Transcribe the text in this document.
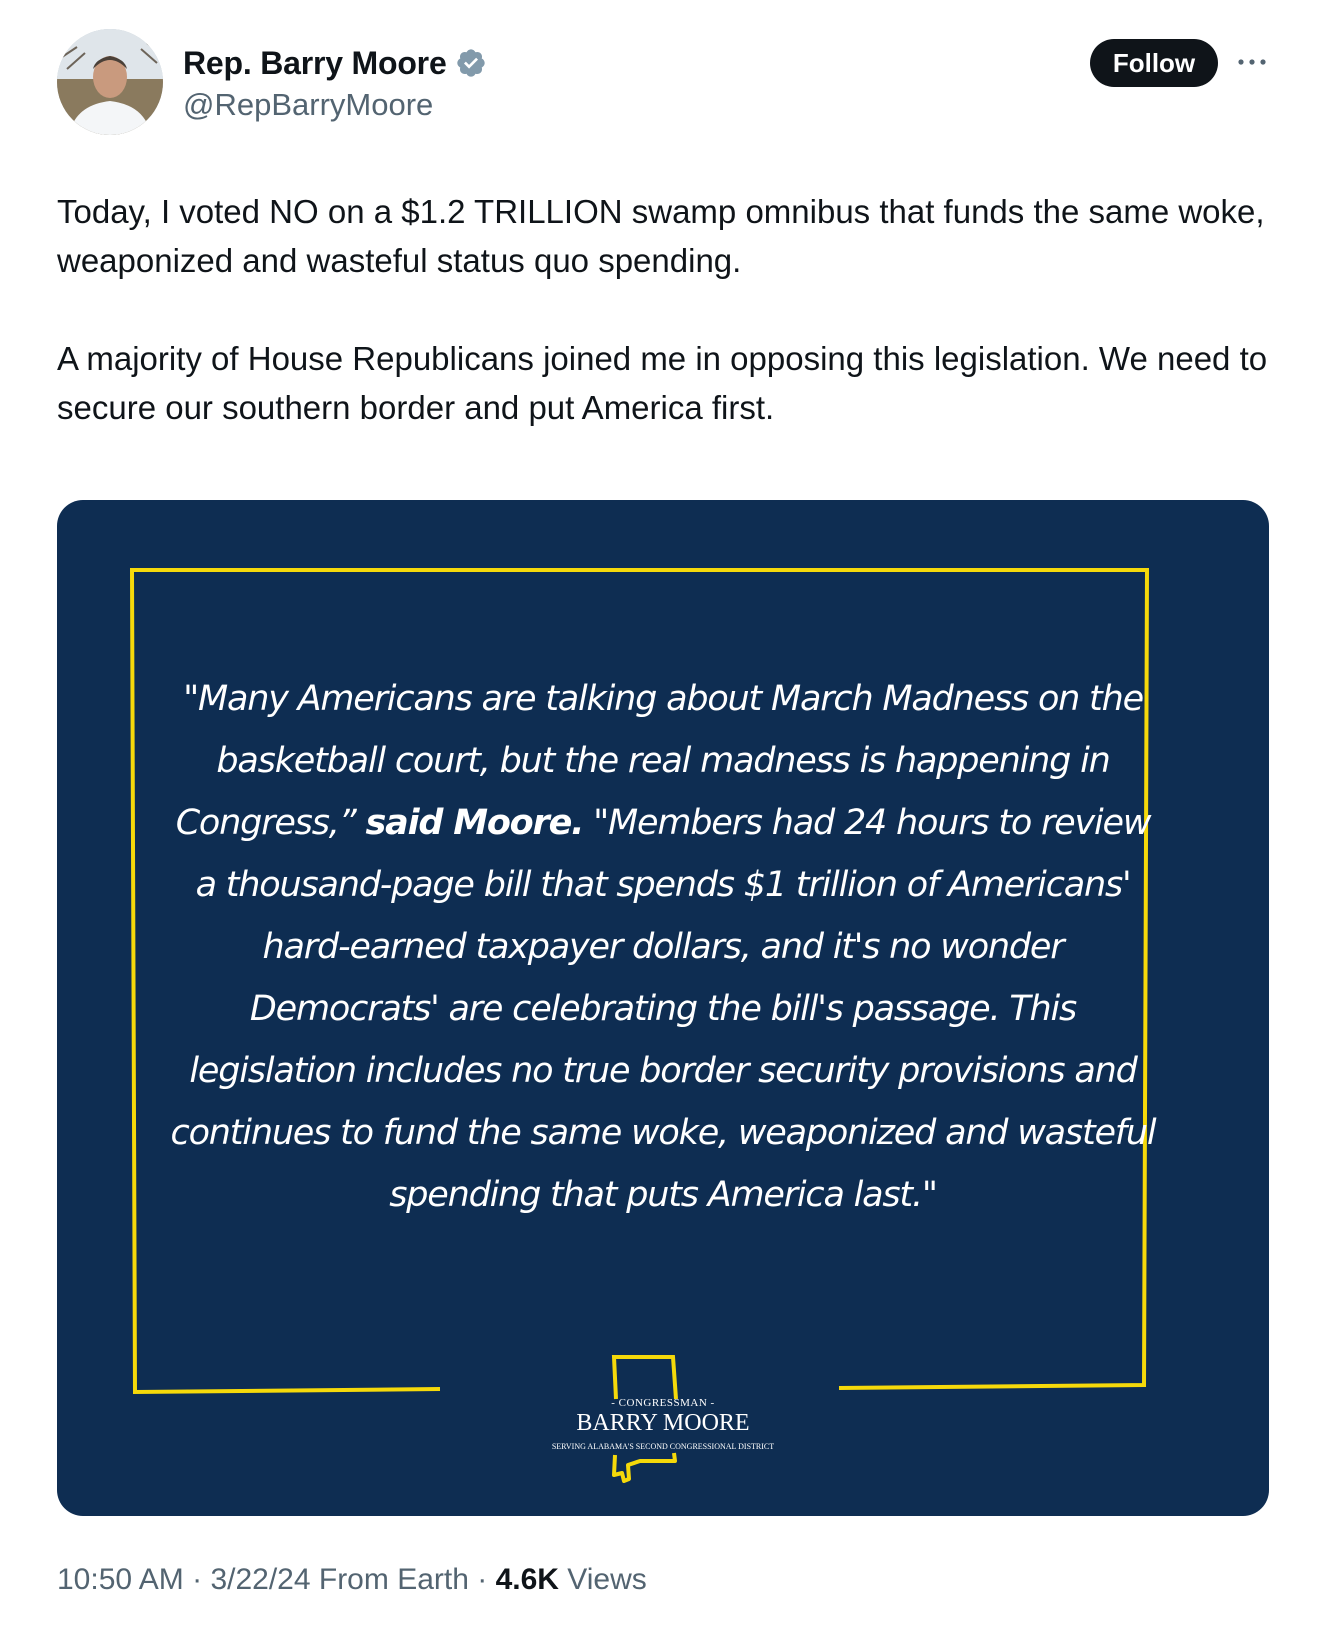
Rep. Barry Moore
@RepBarryMoore
Follow

Today, I voted NO on a $1.2 TRILLION swamp omnibus that funds the same woke, weaponized and wasteful status quo spending.

A majority of House Republicans joined me in opposing this legislation. We need to secure our southern border and put America first.

"Many Americans are talking about March Madness on the basketball court, but the real madness is happening in Congress,” said Moore. "Members had 24 hours to review a thousand-page bill that spends $1 trillion of Americans' hard-earned taxpayer dollars, and it's no wonder Democrats' are celebrating the bill's passage. This legislation includes no true border security provisions and continues to fund the same woke, weaponized and wasteful spending that puts America last."
- CONGRESSMAN -
BARRY MOORE
SERVING ALABAMA'S SECOND CONGRESSIONAL DISTRICT
10:50 AM · 3/22/24 From Earth · 4.6K Views
